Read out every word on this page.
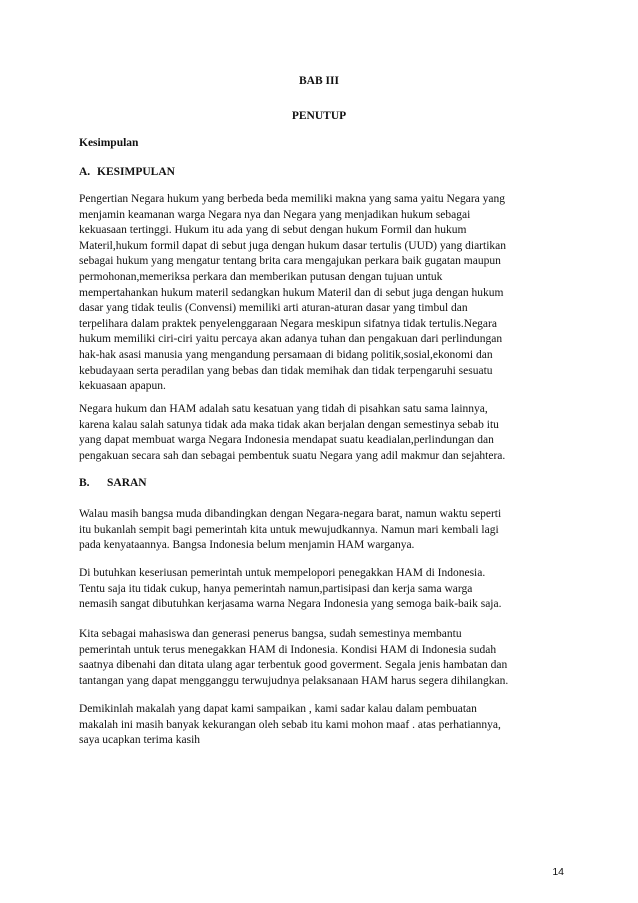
BAB III
PENUTUP
Kesimpulan
A. KESIMPULAN
Pengertian Negara hukum yang berbeda beda memiliki makna yang sama yaitu Negara yang
menjamin keamanan warga Negara nya dan Negara yang menjadikan hukum sebagai
kekuasaan tertinggi. Hukum itu ada yang di sebut dengan hukum Formil dan hukum
Materil,hukum formil dapat di sebut juga dengan hukum dasar tertulis (UUD) yang diartikan
sebagai hukum yang mengatur tentang brita cara mengajukan perkara baik gugatan maupun
permohonan,memeriksa perkara dan memberikan putusan dengan tujuan untuk
mempertahankan hukum materil sedangkan hukum Materil dan di sebut juga dengan hukum
dasar yang tidak teulis (Convensi) memiliki arti aturan-aturan dasar yang timbul dan
terpelihara dalam praktek penyelenggaraan Negara meskipun sifatnya tidak tertulis.Negara
hukum memiliki ciri-ciri yaitu percaya akan adanya tuhan dan pengakuan dari perlindungan
hak-hak asasi manusia yang mengandung persamaan di bidang politik,sosial,ekonomi dan
kebudayaan serta peradilan yang bebas dan tidak memihak dan tidak terpengaruhi sesuatu
kekuasaan apapun.
Negara hukum dan HAM adalah satu kesatuan yang tidah di pisahkan satu sama lainnya,
karena kalau salah satunya tidak ada maka tidak akan berjalan dengan semestinya sebab itu
yang dapat membuat warga Negara Indonesia mendapat suatu keadialan,perlindungan dan
pengakuan secara sah dan sebagai pembentuk suatu Negara yang adil makmur dan sejahtera.
B. SARAN
Walau masih bangsa muda dibandingkan dengan Negara-negara barat, namun waktu seperti
itu bukanlah sempit bagi pemerintah kita untuk mewujudkannya. Namun mari kembali lagi
pada kenyataannya. Bangsa Indonesia belum menjamin HAM warganya.
Di butuhkan keseriusan pemerintah untuk mempelopori penegakkan HAM di Indonesia.
Tentu saja itu tidak cukup, hanya pemerintah namun,partisipasi dan kerja sama warga
nemasih sangat dibutuhkan kerjasama warna Negara Indonesia yang semoga baik-baik saja.
Kita sebagai mahasiswa dan generasi penerus bangsa, sudah semestinya membantu
pemerintah untuk terus menegakkan HAM di Indonesia. Kondisi HAM di Indonesia sudah
saatnya dibenahi dan ditata ulang agar terbentuk good goverment. Segala jenis hambatan dan
tantangan yang dapat mengganggu terwujudnya pelaksanaan HAM harus segera dihilangkan.
Demikinlah makalah yang dapat kami sampaikan , kami sadar kalau dalam pembuatan
makalah ini masih banyak kekurangan oleh sebab itu kami mohon maaf . atas perhatiannya,
saya ucapkan terima kasih
14
